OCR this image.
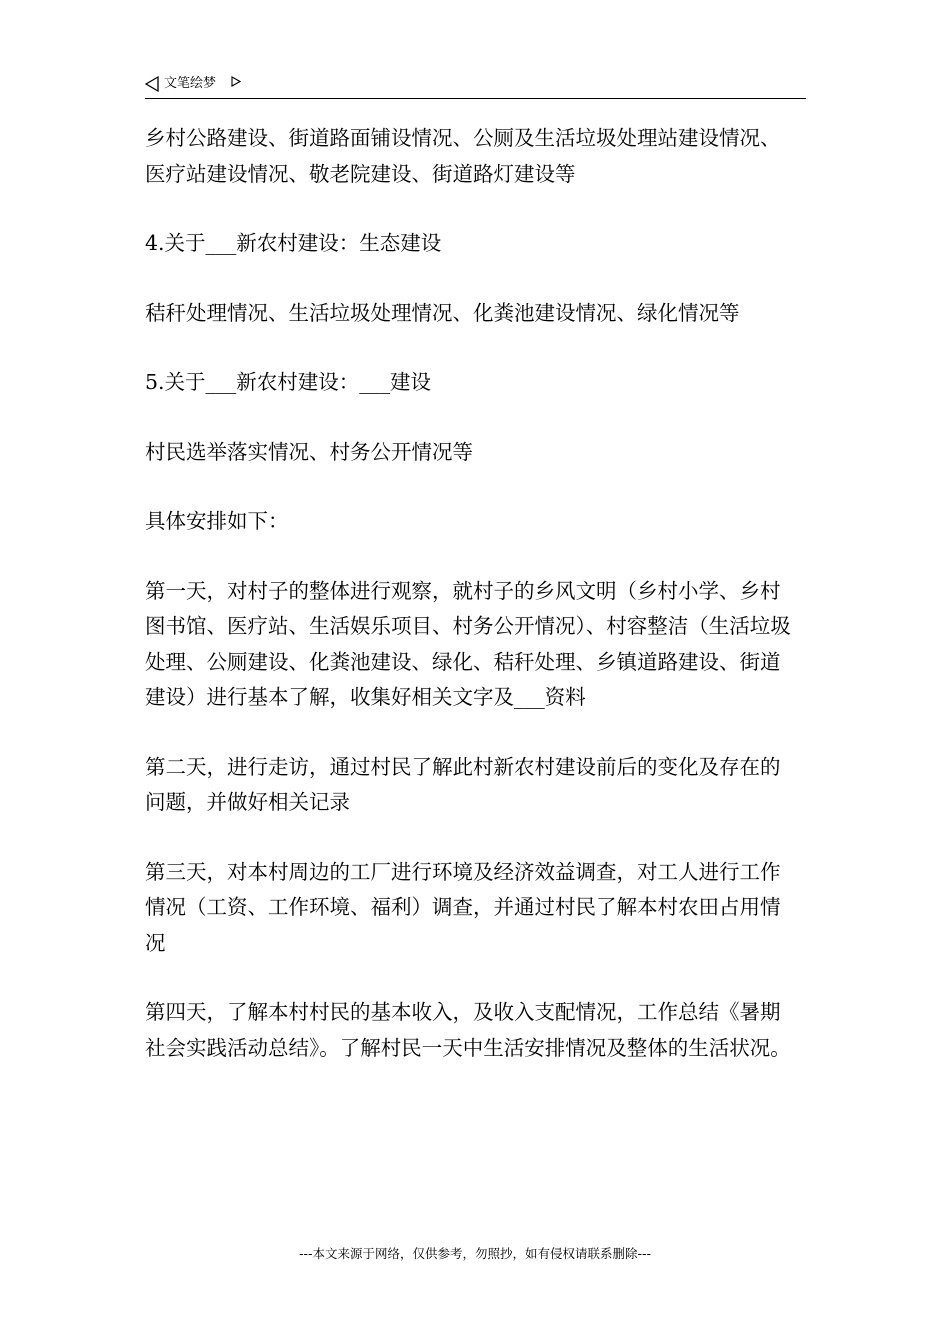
文笔绘梦

乡村公路建设、街道路面铺设情况、公厕及生活垃圾处理站建设情况、医疗站建设情况、敬老院建设、街道路灯建设等

4.关于___新农村建设：生态建设

秸秆处理情况、生活垃圾处理情况、化粪池建设情况、绿化情况等

5.关于___新农村建设：___建设

村民选举落实情况、村务公开情况等

具体安排如下：

第一天，对村子的整体进行观察，就村子的乡风文明（乡村小学、乡村图书馆、医疗站、生活娱乐项目、村务公开情况）、村容整洁（生活垃圾处理、公厕建设、化粪池建设、绿化、秸秆处理、乡镇道路建设、街道建设）进行基本了解，收集好相关文字及___资料

第二天，进行走访，通过村民了解此村新农村建设前后的变化及存在的问题，并做好相关记录

第三天，对本村周边的工厂进行环境及经济效益调查，对工人进行工作情况（工资、工作环境、福利）调查，并通过村民了解本村农田占用情况

第四天，了解本村村民的基本收入，及收入支配情况，工作总结《暑期社会实践活动总结》。了解村民一天中生活安排情况及整体的生活状况。

---本文来源于网络，仅供参考，勿照抄，如有侵权请联系删除---
